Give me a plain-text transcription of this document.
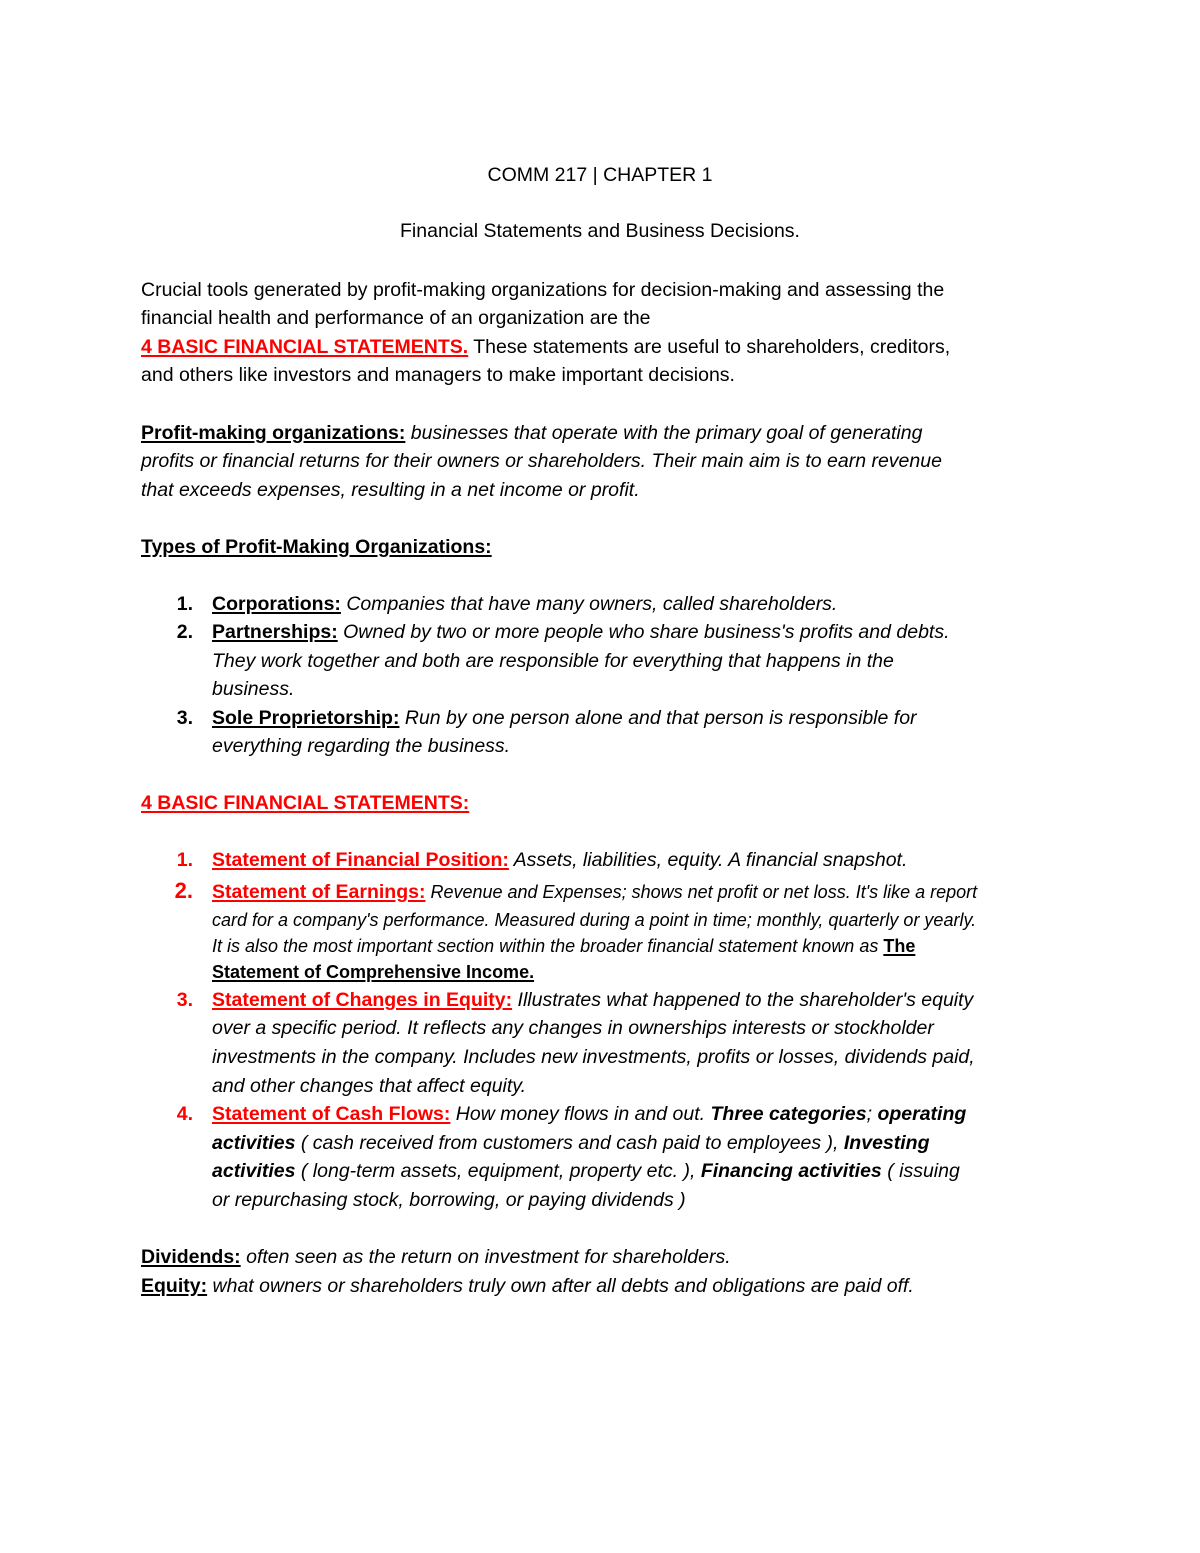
COMM 217 | CHAPTER 1
Financial Statements and Business Decisions.
Crucial tools generated by profit-making organizations for decision-making and assessing the
financial health and performance of an organization are the
4 BASIC FINANCIAL STATEMENTS. These statements are useful to shareholders, creditors,
and others like investors and managers to make important decisions.
Profit-making organizations: businesses that operate with the primary goal of generating
profits or financial returns for their owners or shareholders. Their main aim is to earn revenue
that exceeds expenses, resulting in a net income or profit.
Types of Profit-Making Organizations:
1. Corporations: Companies that have many owners, called shareholders.
2. Partnerships: Owned by two or more people who share business's profits and debts.
They work together and both are responsible for everything that happens in the
business.
3. Sole Proprietorship: Run by one person alone and that person is responsible for
everything regarding the business.
4 BASIC FINANCIAL STATEMENTS:
1. Statement of Financial Position: Assets, liabilities, equity. A financial snapshot.
2. Statement of Earnings: Revenue and Expenses; shows net profit or net loss. It's like a report
card for a company's performance. Measured during a point in time; monthly, quarterly or yearly.
It is also the most important section within the broader financial statement known as The
Statement of Comprehensive Income.
3. Statement of Changes in Equity: Illustrates what happened to the shareholder's equity
over a specific period. It reflects any changes in ownerships interests or stockholder
investments in the company. Includes new investments, profits or losses, dividends paid,
and other changes that affect equity.
4. Statement of Cash Flows: How money flows in and out. Three categories; operating
activities ( cash received from customers and cash paid to employees ), Investing
activities ( long-term assets, equipment, property etc. ), Financing activities ( issuing
or repurchasing stock, borrowing, or paying dividends )
Dividends: often seen as the return on investment for shareholders.
Equity: what owners or shareholders truly own after all debts and obligations are paid off.
